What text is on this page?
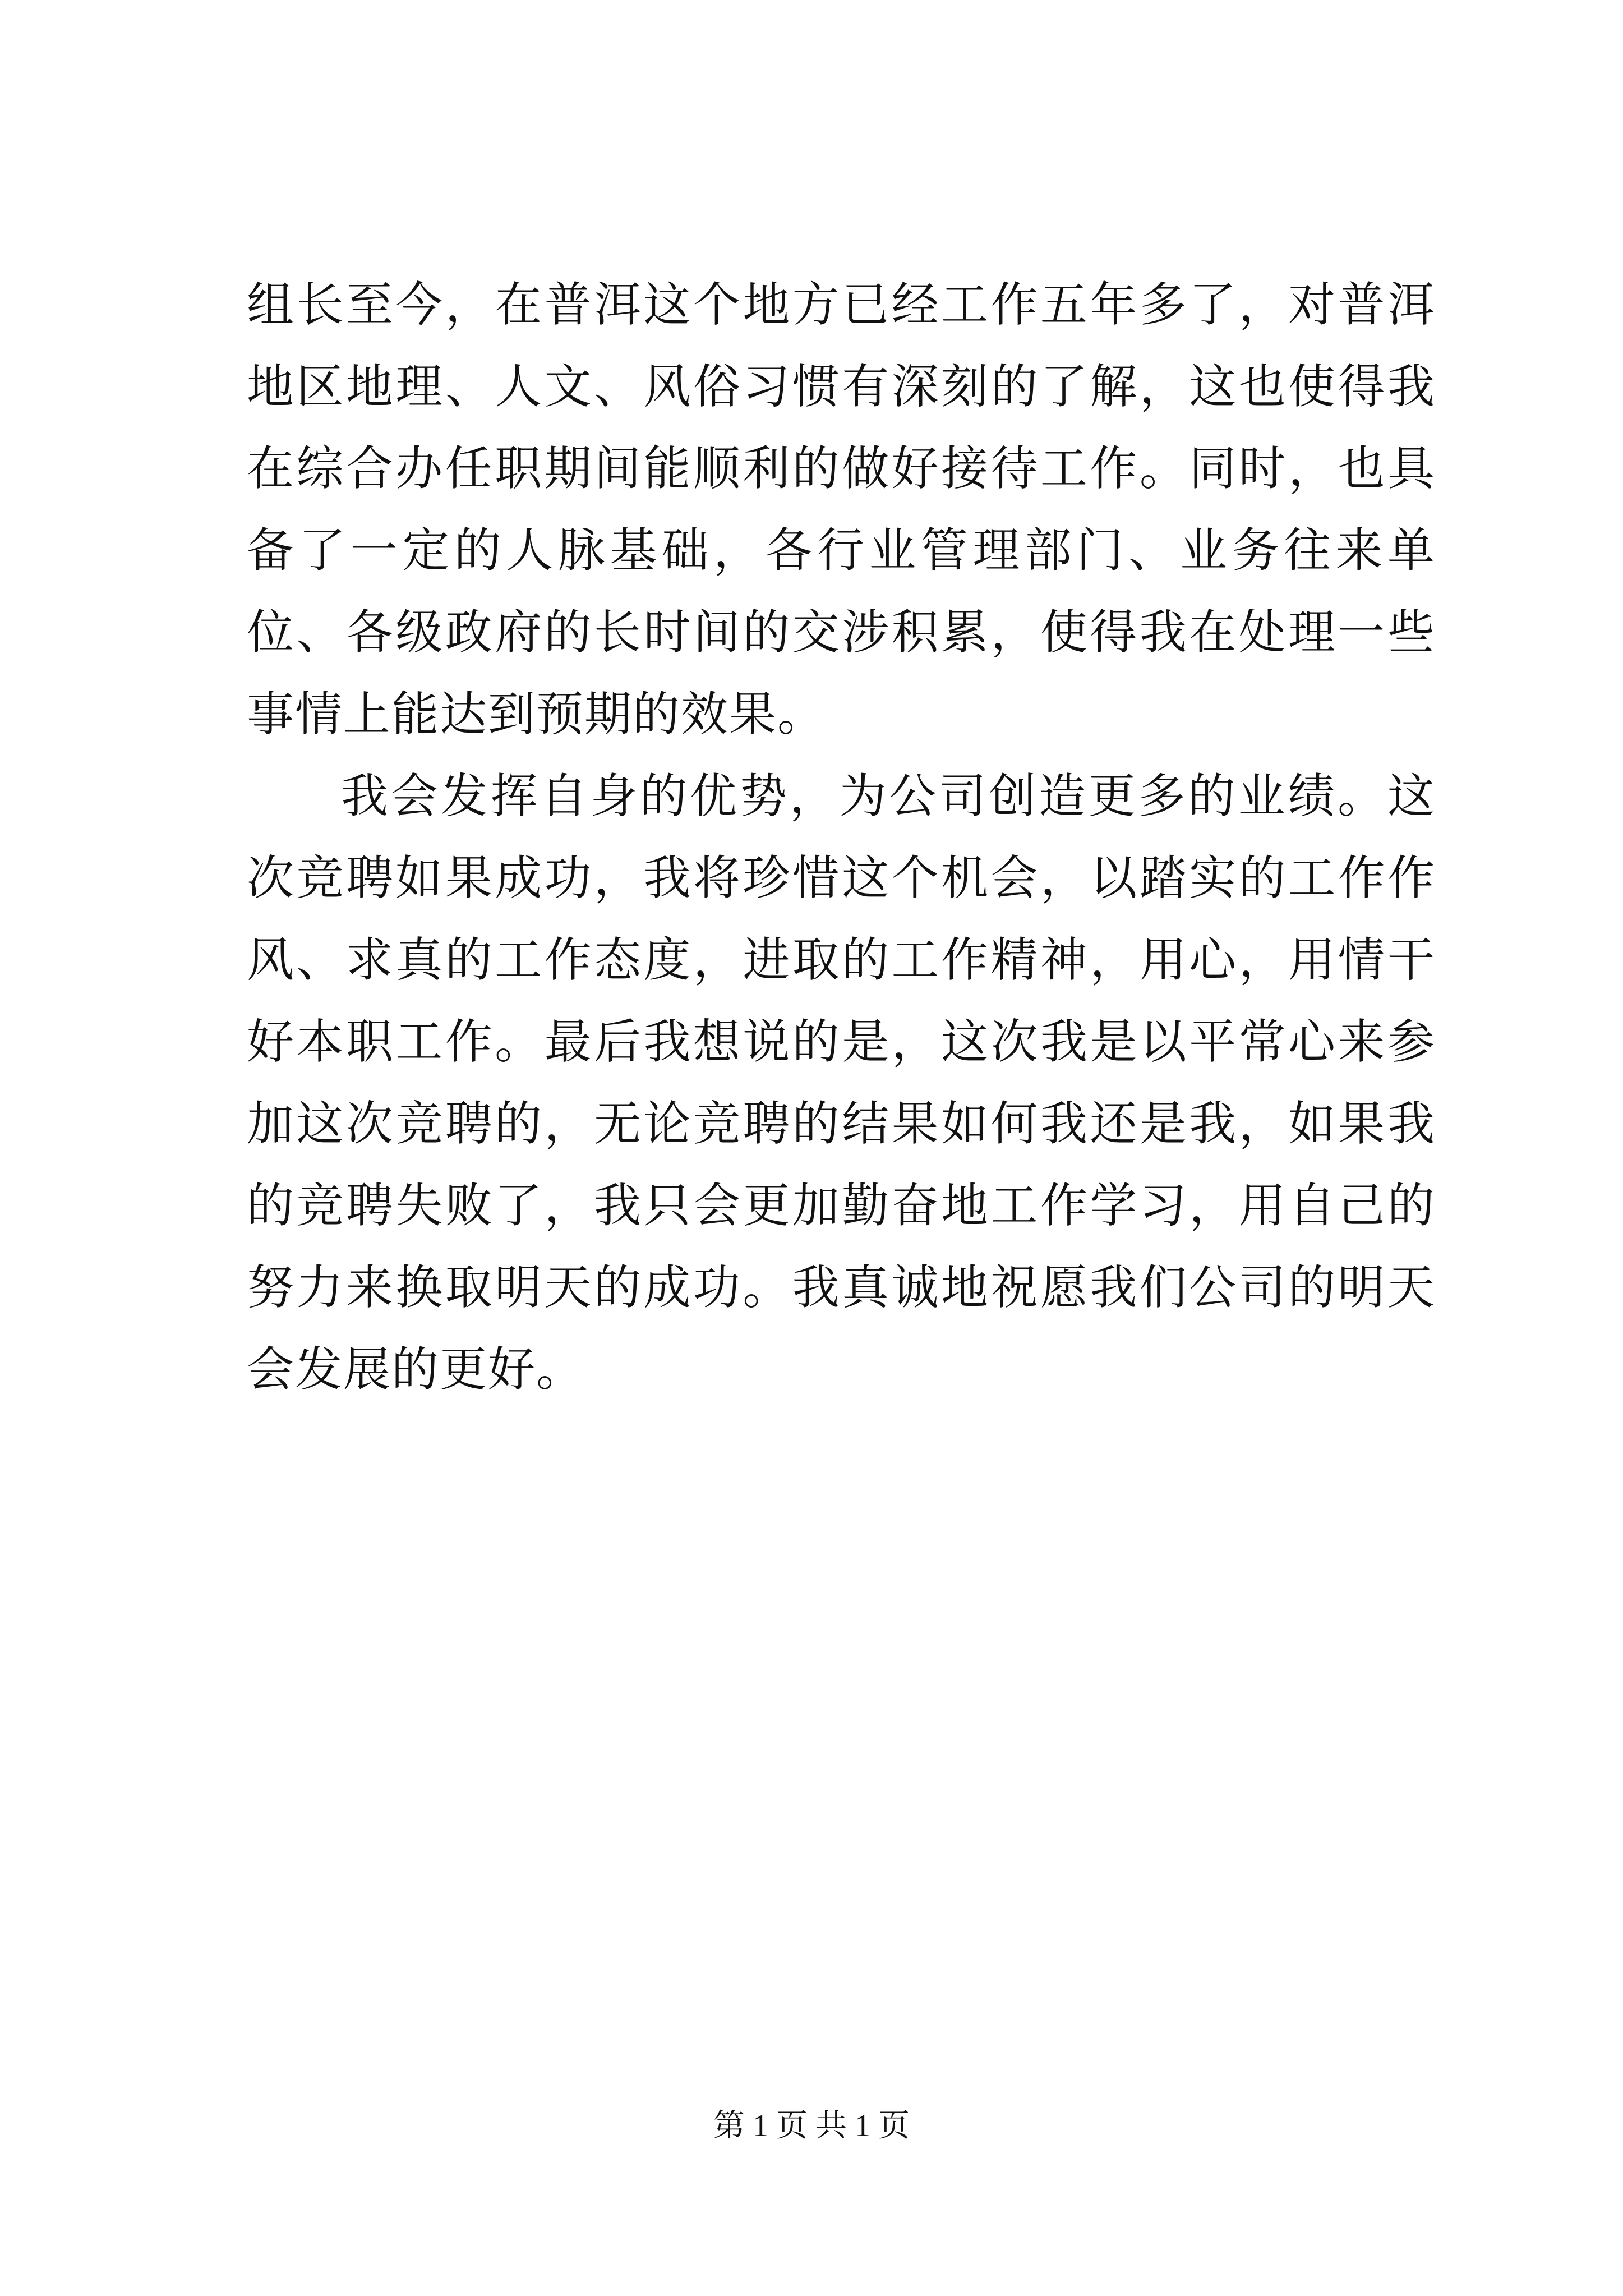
组长至今，在普洱这个地方已经工作五年多了，对普洱地区地理、人文、风俗习惯有深刻的了解，这也使得我在综合办任职期间能顺利的做好接待工作。同时，也具备了一定的人脉基础，各行业管理部门、业务往来单位、各级政府的长时间的交涉积累，使得我在处理一些事情上能达到预期的效果。

我会发挥自身的优势，为公司创造更多的业绩。这次竞聘如果成功，我将珍惜这个机会，以踏实的工作作风、求真的工作态度，进取的工作精神，用心，用情干好本职工作。最后我想说的是，这次我是以平常心来参加这次竞聘的，无论竞聘的结果如何我还是我，如果我的竞聘失败了，我只会更加勤奋地工作学习，用自己的努力来换取明天的成功。我真诚地祝愿我们公司的明天会发展的更好。

第 1 页 共 1 页
